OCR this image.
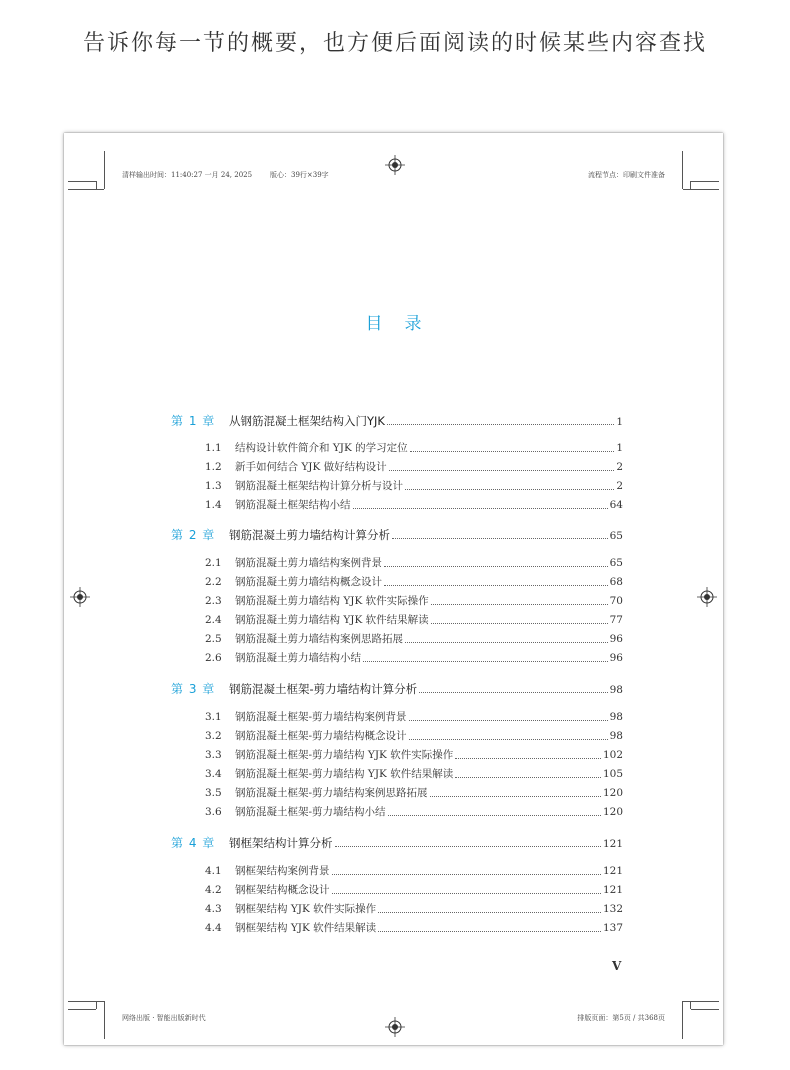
告诉你每一节的概要，也方便后面阅读的时候某些内容查找
清样输出时间：11:40:27 一月 24, 2025	版心：39行×39字	流程节点：印刷文件准备
网络出版 · 智能出版新时代	排版页面：第5页 / 共368页
目录
第 1 章	从钢筋混凝土框架结构入门YJK	1
1.1	结构设计软件简介和 YJK 的学习定位	1
1.2	新手如何结合 YJK 做好结构设计	2
1.3	钢筋混凝土框架结构计算分析与设计	2
1.4	钢筋混凝土框架结构小结	64
第 2 章	钢筋混凝土剪力墙结构计算分析	65
2.1	钢筋混凝土剪力墙结构案例背景	65
2.2	钢筋混凝土剪力墙结构概念设计	68
2.3	钢筋混凝土剪力墙结构 YJK 软件实际操作	70
2.4	钢筋混凝土剪力墙结构 YJK 软件结果解读	77
2.5	钢筋混凝土剪力墙结构案例思路拓展	96
2.6	钢筋混凝土剪力墙结构小结	96
第 3 章	钢筋混凝土框架-剪力墙结构计算分析	98
3.1	钢筋混凝土框架-剪力墙结构案例背景	98
3.2	钢筋混凝土框架-剪力墙结构概念设计	98
3.3	钢筋混凝土框架-剪力墙结构 YJK 软件实际操作	102
3.4	钢筋混凝土框架-剪力墙结构 YJK 软件结果解读	105
3.5	钢筋混凝土框架-剪力墙结构案例思路拓展	120
3.6	钢筋混凝土框架-剪力墙结构小结	120
第 4 章	钢框架结构计算分析	121
4.1	钢框架结构案例背景	121
4.2	钢框架结构概念设计	121
4.3	钢框架结构 YJK 软件实际操作	132
4.4	钢框架结构 YJK 软件结果解读	137
V
